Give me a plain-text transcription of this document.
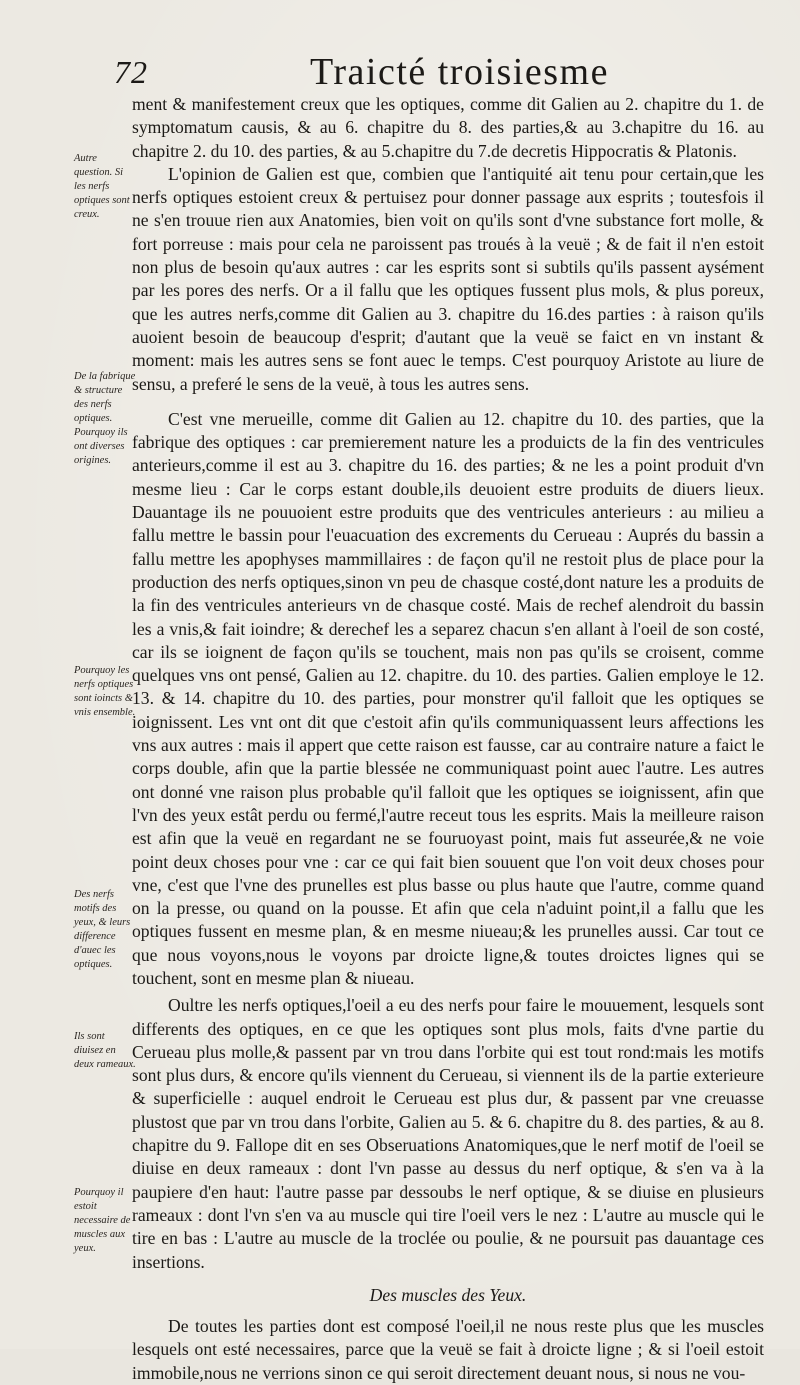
72	Traicté troisiesme
Autre question. Si les nerfs optiques sont creux.
De la fabrique & structure des nerfs optiques. Pourquoy ils ont diverses origines.
Pourquoy les nerfs optiques sont ioincts & vnis ensemble.
Des nerfs motifs des yeux, & leurs difference d'auec les optiques.
Ils sont diuisez en deux rameaux.
Pourquoy il estoit necessaire de muscles aux yeux.

ment & manifestement creux que les optiques, comme dit Galien au 2. chapitre du 1. de symptomatum causis, & au 6. chapitre du 8. des parties,& au 3.chapitre du 16. au chapitre 2. du 10. des parties, & au 5.chapitre du 7.de decretis Hippocratis & Platonis.

L'opinion de Galien est que, combien que l'antiquité ait tenu pour certain,que les nerfs optiques estoient creux & pertuisez pour donner passage aux esprits ; toutesfois il ne s'en trouue rien aux Anatomies, bien voit on qu'ils sont d'vne substance fort molle, & fort porreuse : mais pour cela ne paroissent pas troués à la veuë ; & de fait il n'en estoit non plus de besoin qu'aux autres : car les esprits sont si subtils qu'ils passent aysément par les pores des nerfs. Or a il fallu que les optiques fussent plus mols, & plus poreux, que les autres nerfs,comme dit Galien au 3. chapitre du 16.des parties : à raison qu'ils auoient besoin de beaucoup d'esprit; d'autant que la veuë se faict en vn instant & moment: mais les autres sens se font auec le temps. C'est pourquoy Aristote au liure de sensu, a preferé le sens de la veuë, à tous les autres sens.

C'est vne merueille, comme dit Galien au 12. chapitre du 10. des parties, que la fabrique des optiques : car premierement nature les a produicts de la fin des ventricules anterieurs,comme il est au 3. chapitre du 16. des parties; & ne les a point produit d'vn mesme lieu : Car le corps estant double,ils deuoient estre produits de diuers lieux. Dauantage ils ne pouuoient estre produits que des ventricules anterieurs : au milieu a fallu mettre le bassin pour l'euacuation des excrements du Cerueau : Auprés du bassin a fallu mettre les apophyses mammillaires : de façon qu'il ne restoit plus de place pour la production des nerfs optiques,sinon vn peu de chasque costé,dont nature les a produits de la fin des ventricules anterieurs vn de chasque costé. Mais de rechef alendroit du bassin les a vnis,& fait ioindre; & derechef les a separez chacun s'en allant à l'oeil de son costé, car ils se ioignent de façon qu'ils se touchent, mais non pas qu'ils se croisent, comme quelques vns ont pensé, Galien au 12. chapitre. du 10. des parties. Galien employe le 12. 13. & 14. chapitre du 10. des parties, pour monstrer qu'il falloit que les optiques se ioignissent. Les vnt ont dit que c'estoit afin qu'ils communiquassent leurs affections les vns aux autres : mais il appert que cette raison est fausse, car au contraire nature a faict le corps double, afin que la partie blessée ne communiquast point auec l'autre. Les autres ont donné vne raison plus probable qu'il falloit que les optiques se ioignissent, afin que l'vn des yeux estât perdu ou fermé,l'autre receut tous les esprits. Mais la meilleure raison est afin que la veuë en regardant ne se fouruoyast point, mais fut asseurée,& ne voie point deux choses pour vne : car ce qui fait bien souuent que l'on voit deux choses pour vne, c'est que l'vne des prunelles est plus basse ou plus haute que l'autre, comme quand on la presse, ou quand on la pousse. Et afin que cela n'aduint point,il a fallu que les optiques fussent en mesme plan, & en mesme niueau;& les prunelles aussi. Car tout ce que nous voyons,nous le voyons par droicte ligne,& toutes droictes lignes qui se touchent, sont en mesme plan & niueau.

Oultre les nerfs optiques,l'oeil a eu des nerfs pour faire le mouuement, lesquels sont differents des optiques, en ce que les optiques sont plus mols, faits d'vne partie du Cerueau plus molle,& passent par vn trou dans l'orbite qui est tout rond:mais les motifs sont plus durs, & encore qu'ils viennent du Cerueau, si viennent ils de la partie exterieure & superficielle : auquel endroit le Cerueau est plus dur, & passent par vne creuasse plustost que par vn trou dans l'orbite, Galien au 5. & 6. chapitre du 8. des parties, & au 8. chapitre du 9. Fallope dit en ses Obseruations Anatomiques,que le nerf motif de l'oeil se diuise en deux rameaux : dont l'vn passe au dessus du nerf optique, & s'en va à la paupiere d'en haut: l'autre passe par dessoubs le nerf optique, & se diuise en plusieurs rameaux : dont l'vn s'en va au muscle qui tire l'oeil vers le nez : L'autre au muscle qui le tire en bas : L'autre au muscle de la troclée ou poulie, & ne poursuit pas dauantage ces insertions.

Des muscles des Yeux.

De toutes les parties dont est composé l'oeil,il ne nous reste plus que les muscles lesquels ont esté necessaires, parce que la veuë se fait à droicte ligne ; & si l'oeil estoit immobile,nous ne verrions sinon ce qui seroit directement deuant nous, si nous ne vou-
